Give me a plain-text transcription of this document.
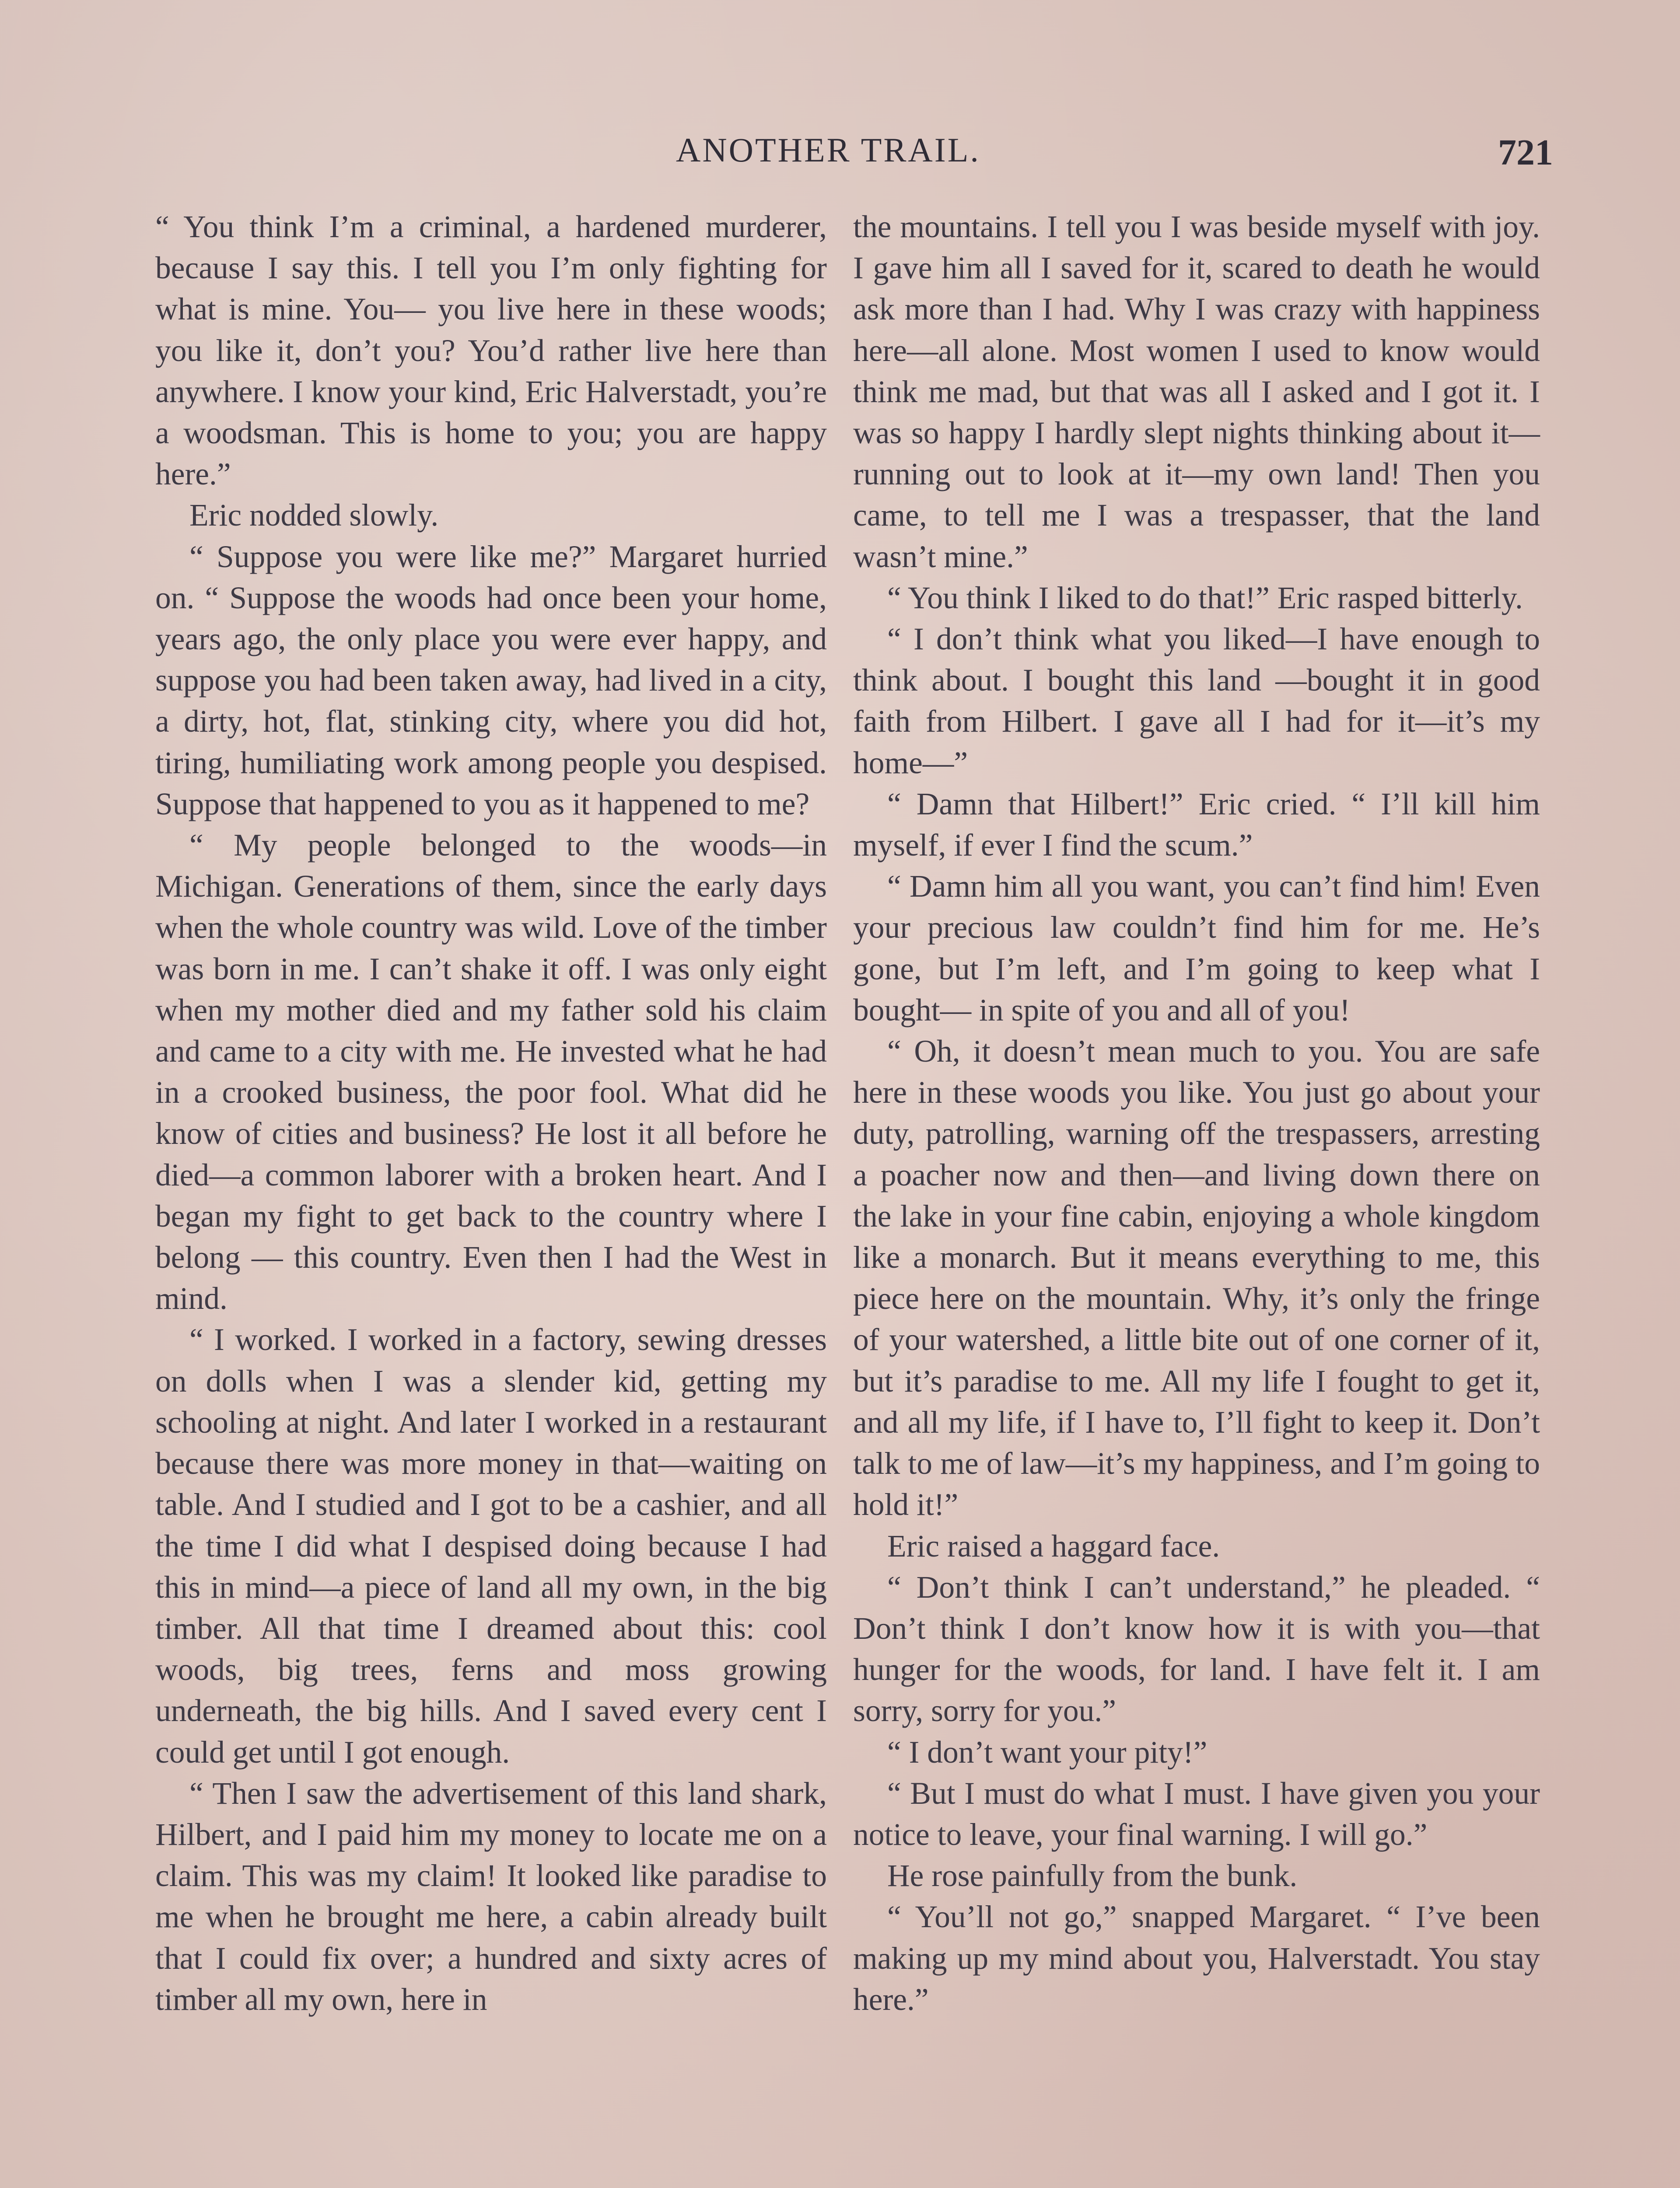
ANOTHER TRAIL.	721

“ You think I’m a criminal, a hardened murderer, because I say this. I tell you I’m only fighting for what is mine. You— you live here in these woods; you like it, don’t you? You’d rather live here than anywhere. I know your kind, Eric Halverstadt, you’re a woodsman. This is home to you; you are happy here.”

Eric nodded slowly.

“ Suppose you were like me?” Margaret hurried on. “ Suppose the woods had once been your home, years ago, the only place you were ever happy, and suppose you had been taken away, had lived in a city, a dirty, hot, flat, stinking city, where you did hot, tiring, humiliating work among people you despised. Suppose that happened to you as it happened to me?

“ My people belonged to the woods—in Michigan. Generations of them, since the early days when the whole country was wild. Love of the timber was born in me. I can’t shake it off. I was only eight when my mother died and my father sold his claim and came to a city with me. He invested what he had in a crooked business, the poor fool. What did he know of cities and business? He lost it all before he died—a common laborer with a broken heart. And I began my fight to get back to the country where I belong — this country. Even then I had the West in mind.

“ I worked. I worked in a factory, sewing dresses on dolls when I was a slender kid, getting my schooling at night. And later I worked in a restaurant because there was more money in that—waiting on table. And I studied and I got to be a cashier, and all the time I did what I despised doing because I had this in mind—a piece of land all my own, in the big timber. All that time I dreamed about this: cool woods, big trees, ferns and moss growing underneath, the big hills. And I saved every cent I could get until I got enough.

“ Then I saw the advertisement of this land shark, Hilbert, and I paid him my money to locate me on a claim. This was my claim! It looked like paradise to me when he brought me here, a cabin already built that I could fix over; a hundred and sixty acres of timber all my own, here in

the mountains. I tell you I was beside myself with joy. I gave him all I saved for it, scared to death he would ask more than I had. Why I was crazy with happiness here—all alone. Most women I used to know would think me mad, but that was all I asked and I got it. I was so happy I hardly slept nights thinking about it— running out to look at it—my own land! Then you came, to tell me I was a trespasser, that the land wasn’t mine.”

“ You think I liked to do that!” Eric rasped bitterly.

“ I don’t think what you liked—I have enough to think about. I bought this land —bought it in good faith from Hilbert. I gave all I had for it—it’s my home—”

“ Damn that Hilbert!” Eric cried. “ I’ll kill him myself, if ever I find the scum.”

“ Damn him all you want, you can’t find him! Even your precious law couldn’t find him for me. He’s gone, but I’m left, and I’m going to keep what I bought— in spite of you and all of you!

“ Oh, it doesn’t mean much to you. You are safe here in these woods you like. You just go about your duty, patrolling, warning off the trespassers, arresting a poacher now and then—and living down there on the lake in your fine cabin, enjoying a whole kingdom like a monarch. But it means everything to me, this piece here on the mountain. Why, it’s only the fringe of your watershed, a little bite out of one corner of it, but it’s paradise to me. All my life I fought to get it, and all my life, if I have to, I’ll fight to keep it. Don’t talk to me of law—it’s my happiness, and I’m going to hold it!”

Eric raised a haggard face.

“ Don’t think I can’t understand,” he pleaded. “ Don’t think I don’t know how it is with you—that hunger for the woods, for land. I have felt it. I am sorry, sorry for you.”

“ I don’t want your pity!”

“ But I must do what I must. I have given you your notice to leave, your final warning. I will go.”

He rose painfully from the bunk.

“ You’ll not go,” snapped Margaret. “ I’ve been making up my mind about you, Halverstadt. You stay here.”
